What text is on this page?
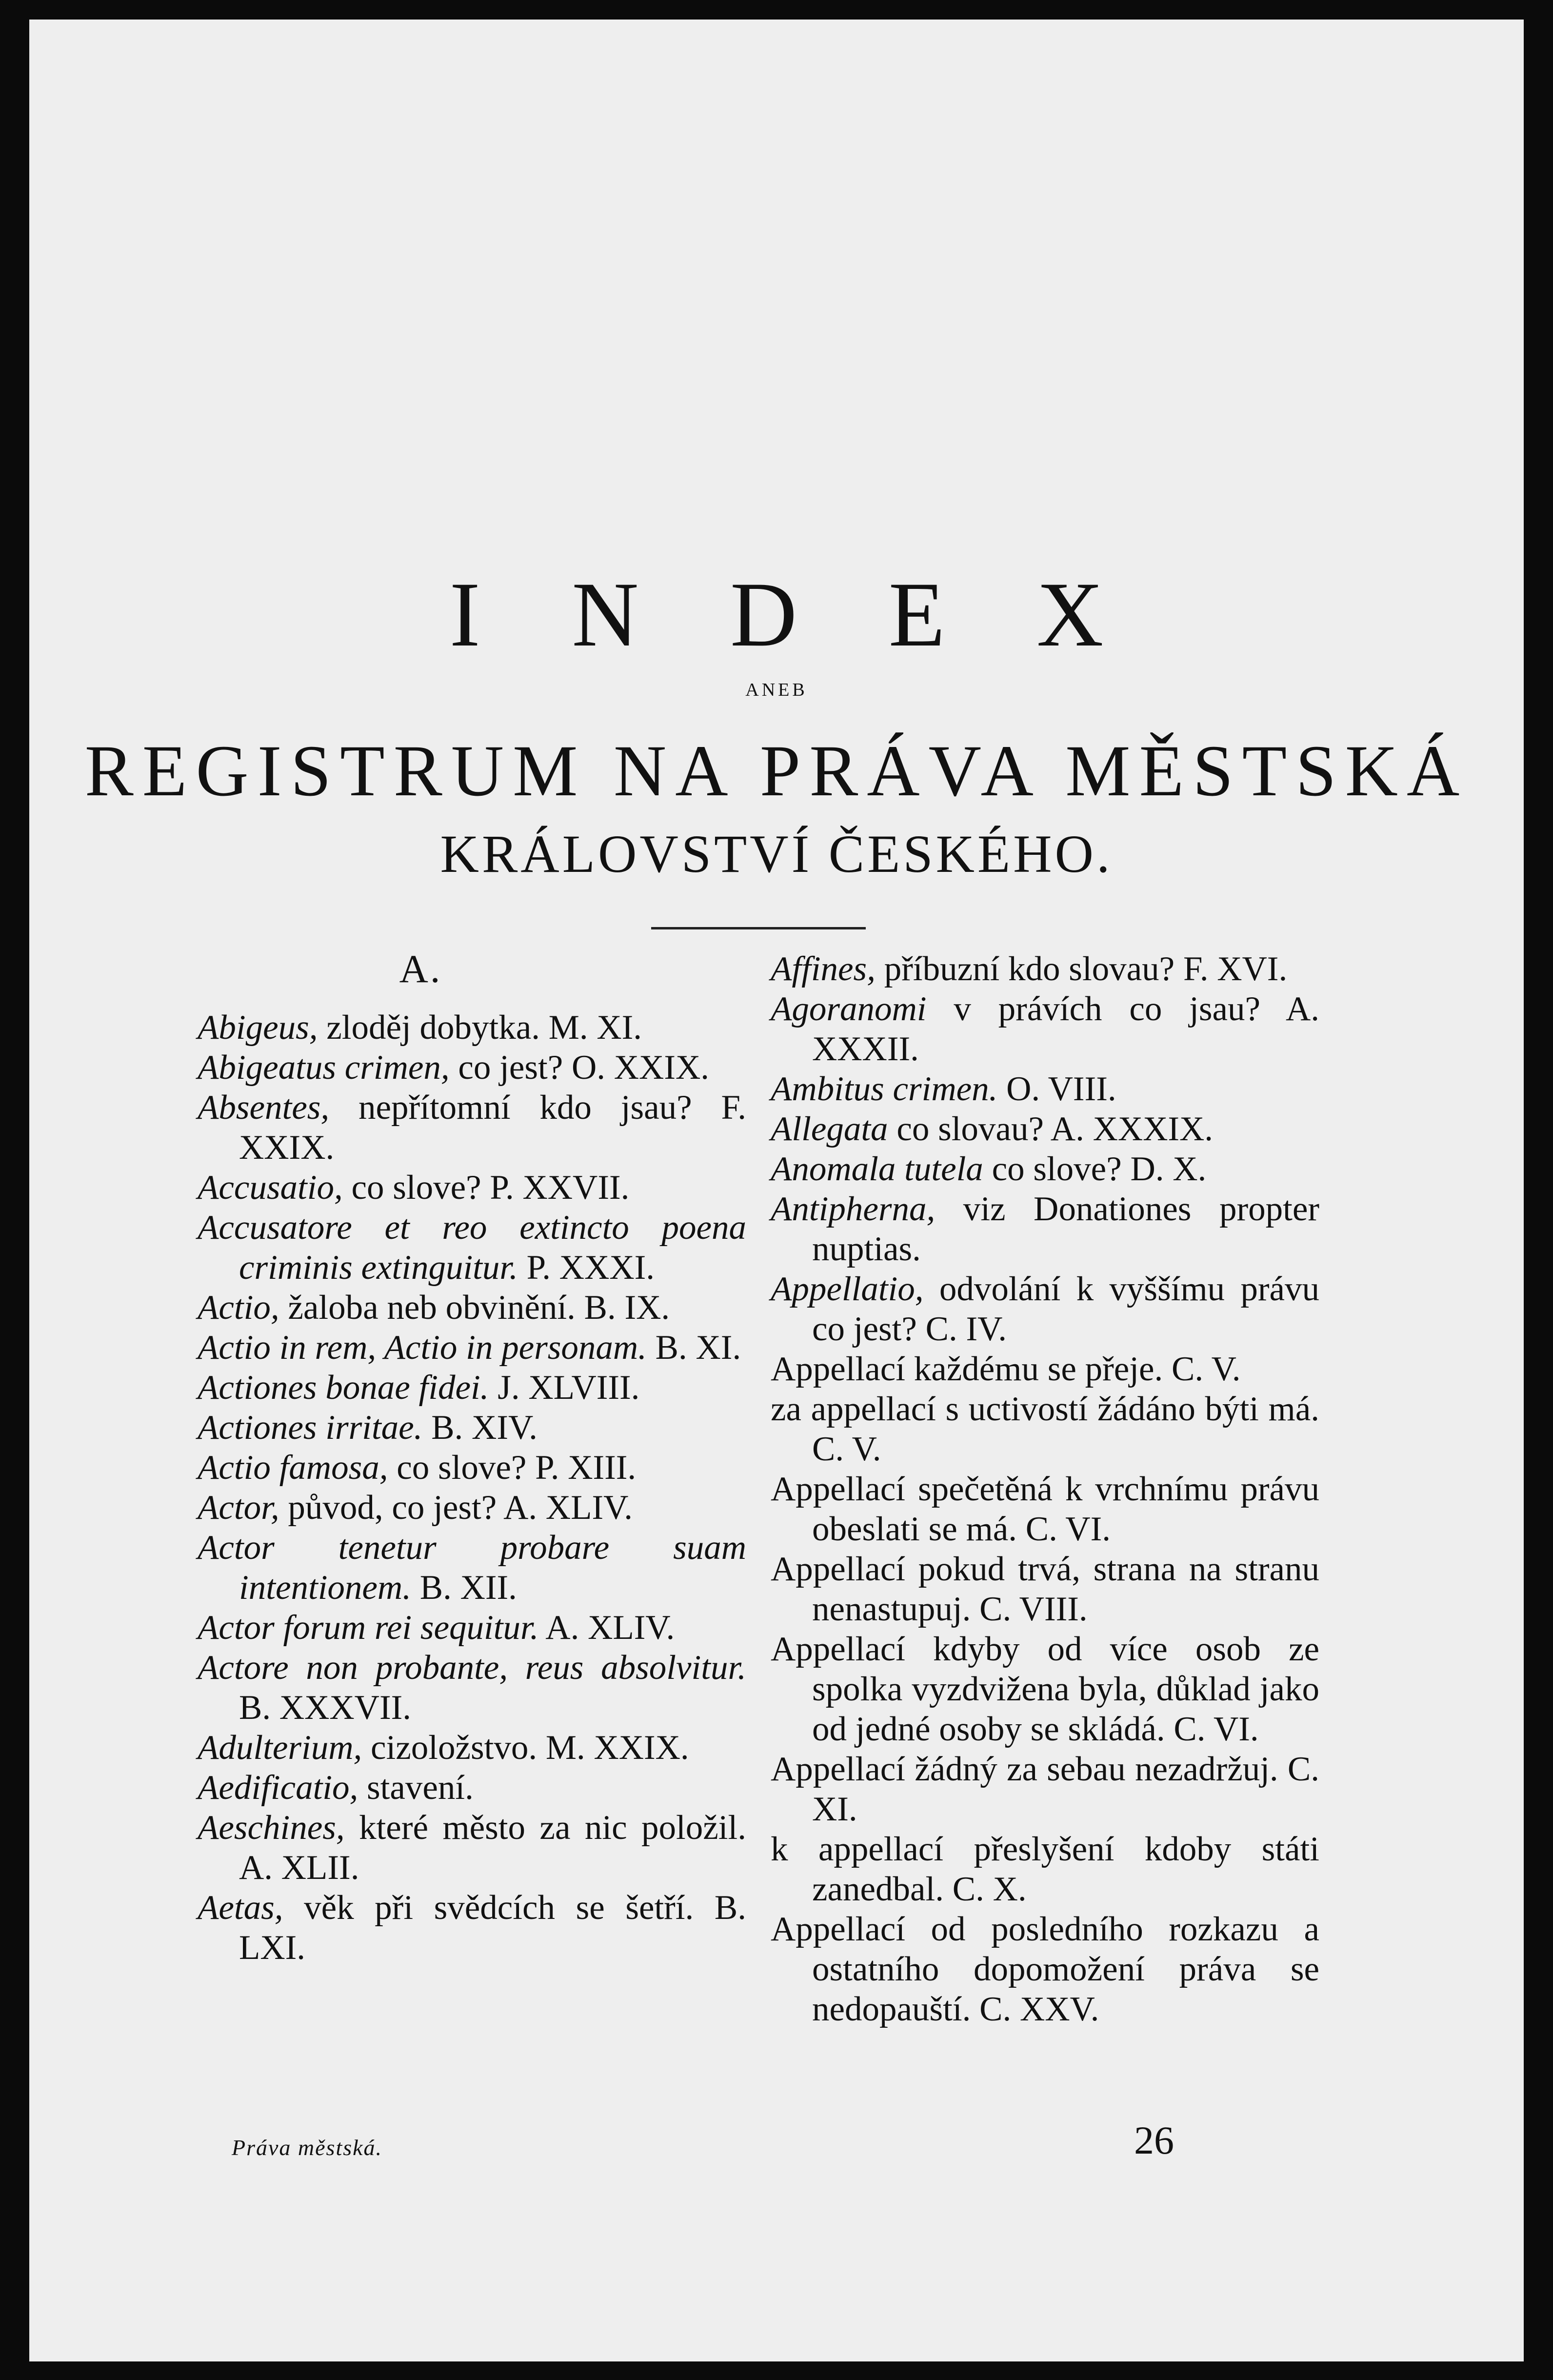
I N D E X
ANEB
REGISTRUM NA PRÁVA MĚSTSKÁ
KRÁLOVSTVÍ ČESKÉHO.
A.
Abigeus, zloděj dobytka. M. XI.
Abigeatus crimen, co jest? O. XXIX.
Absentes, nepřítomní kdo jsau? F. XXIX.
Accusatio, co slove? P. XXVII.
Accusatore et reo extincto poena criminis extinguitur. P. XXXI.
Actio, žaloba neb obvinění. B. IX.
Actio in rem, Actio in personam. B. XI.
Actiones bonae fidei. J. XLVIII.
Actiones irritae. B. XIV.
Actio famosa, co slove? P. XIII.
Actor, původ, co jest? A. XLIV.
Actor tenetur probare suam intentionem. B. XII.
Actor forum rei sequitur. A. XLIV.
Actore non probante, reus absolvitur. B. XXXVII.
Adulterium, cizoložstvo. M. XXIX.
Aedificatio, stavení.
Aeschines, které město za nic položil. A. XLII.
Aetas, věk při svědcích se šetří. B. LXI.
Affines, příbuzní kdo slovau? F. XVI.
Agoranomi v právích co jsau? A. XXXII.
Ambitus crimen. O. VIII.
Allegata co slovau? A. XXXIX.
Anomala tutela co slove? D. X.
Antipherna, viz Donationes propter nuptias.
Appellatio, odvolání k vyššímu právu co jest? C. IV.
Appellací každému se přeje. C. V.
za appellací s uctivostí žádáno býti má. C. V.
Appellací spečetěná k vrchnímu právu obeslati se má. C. VI.
Appellací pokud trvá, strana na stranu nenastupuj. C. VIII.
Appellací kdyby od více osob ze spolka vyzdvižena byla, důklad jako od jedné osoby se skládá. C. VI.
Appellací žádný za sebau nezadržuj. C. XI.
k appellací přeslyšení kdoby státi zanedbal. C. X.
Appellací od posledního rozkazu a ostatního dopomožení práva se nedopauští. C. XXV.
Práva městská.	26
